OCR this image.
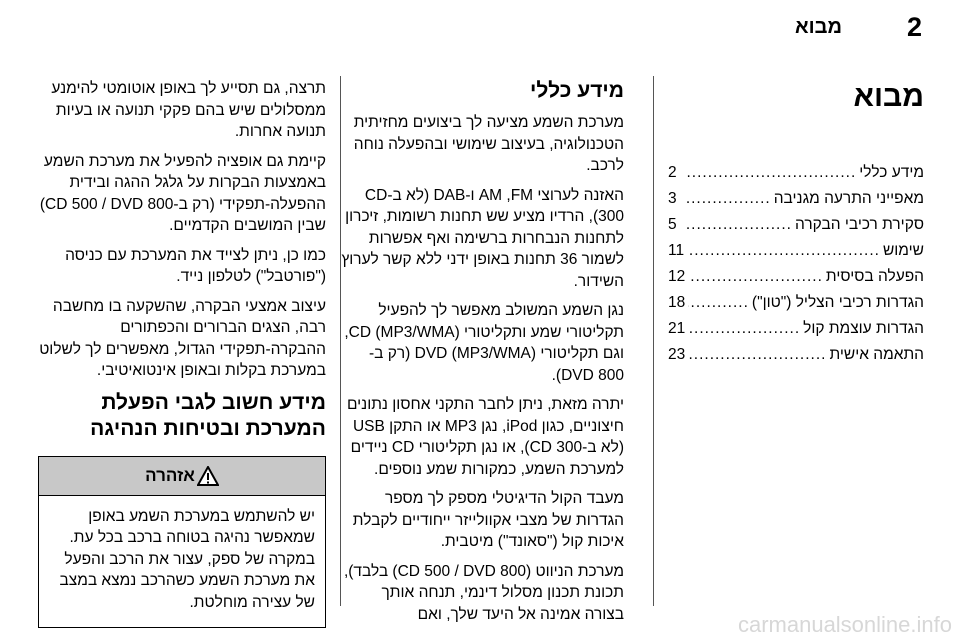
2
מבוא
מבוא
מידע כללי
.....
2
מאפייני התרעה מגניבה
.....
3
סקירת רכיבי הבקרה
.....
5
שימוש
.....
11
הפעלה בסיסית
.....
12
הגדרות רכיבי הצליל ("טון")
.....
18
הגדרות עוצמת קול
.....
21
התאמה אישית
.....
23
מידע כללי

מערכת השמע מציעה לך ביצועים מחזיתית הטכנולוגיה, בעיצוב שימושי ובהפעלה נוחה לרכב.

האזנה לערוצי AM ,FM ו-DAB (לא ב-CD 300), הרדיו מציע שש תחנות רשומות, זיכרון לתחנות הנבחרות ברשימה ואף אפשרות לשמור 36 תחנות באופן ידני ללא קשר לערוץ השידור.

נגן השמע המשולב מאפשר לך להפעיל תקליטורי שמע ותקליטורי CD (MP3/WMA), וגם תקליטורי DVD (MP3/WMA) (רק ב-DVD 800).

יתרה מזאת, ניתן לחבר התקני אחסון נתונים חיצוניים, כגון iPod, נגן MP3 או התקן USB (לא ב-CD 300), או נגן תקליטורי CD ניידים למערכת השמע, כמקורות שמע נוספים.

מעבד הקול הדיגיטלי מספק לך מספר הגדרות של מצבי אקוולייזר ייחודיים לקבלת איכות קול ("סאונד") מיטבית.

מערכת הניווט (CD 500 / DVD 800) בלבד), תכונת תכנון מסלול דינמי, תנחה אותך בצורה אמינה אל היעד שלך, ואם

תרצה, גם תסייע לך באופן אוטומטי להימנע ממסלולים שיש בהם פקקי תנועה או בעיות תנועה אחרות.

קיימת גם אופציה להפעיל את מערכת השמע באמצעות הבקרות על גלגל ההגה ובידית ההפעלה-תפקידי (רק ב-CD 500 / DVD 800) שבין המושבים הקדמיים.

כמו כן, ניתן לצייד את המערכת עם כניסה ("פורטבל") לטלפון נייד.

עיצוב אמצעי הבקרה, שהשקעה בו מחשבה רבה, הצגים הברורים והכפתורים ההבקרה-תפקידי הגדול, מאפשרים לך לשלוט במערכת בקלות ובאופן אינטואיטיבי.

מידע חשוב לגבי הפעלת המערכת ובטיחות הנהיגה
אזהרה
יש להשתמש במערכת השמע באופן שמאפשר נהיגה בטוחה ברכב בכל עת. במקרה של ספק, עצור את הרכב והפעל את מערכת השמע כשהרכב נמצא במצב של עצירה מוחלטת.
carmanualsonline.info
